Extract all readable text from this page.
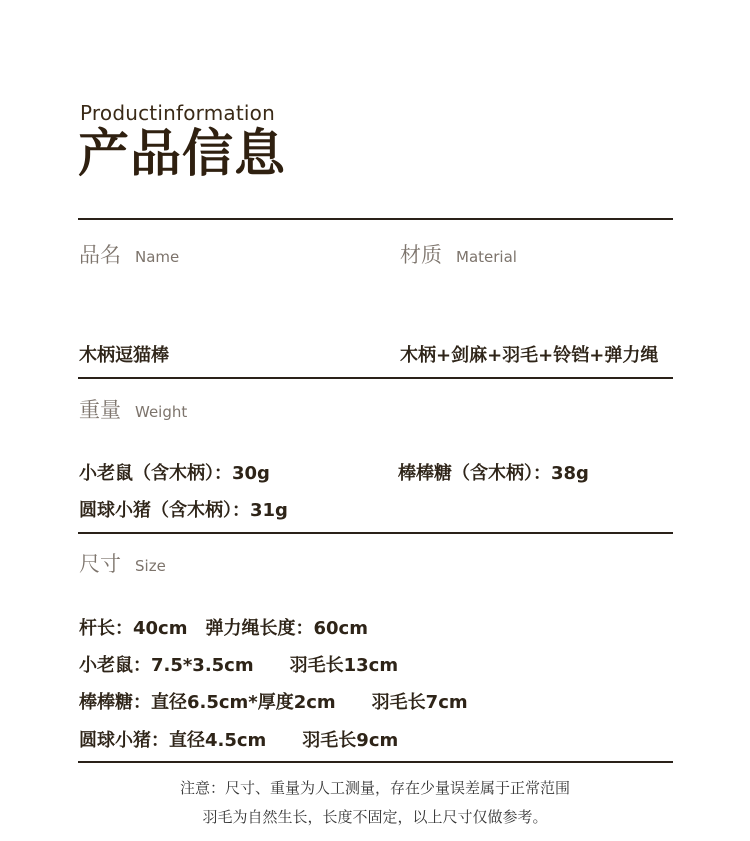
Productinformation
产品信息
品名 Name
木柄逗猫棒
材质 Material
木柄+剑麻+羽毛+铃铛+弹力绳
重量 Weight
小老鼠（含木柄）：30g	棒棒糖（含木柄）：38g
圆球小猪（含木柄）：31g
尺寸 Size
杆长：40cm　弹力绳长度：60cm
小老鼠：7.5*3.5cm　　羽毛长13cm
棒棒糖：直径6.5cm*厚度2cm　　羽毛长7cm
圆球小猪：直径4.5cm　　羽毛长9cm
注意：尺寸、重量为人工测量，存在少量误差属于正常范围
羽毛为自然生长，长度不固定，以上尺寸仅做参考。
